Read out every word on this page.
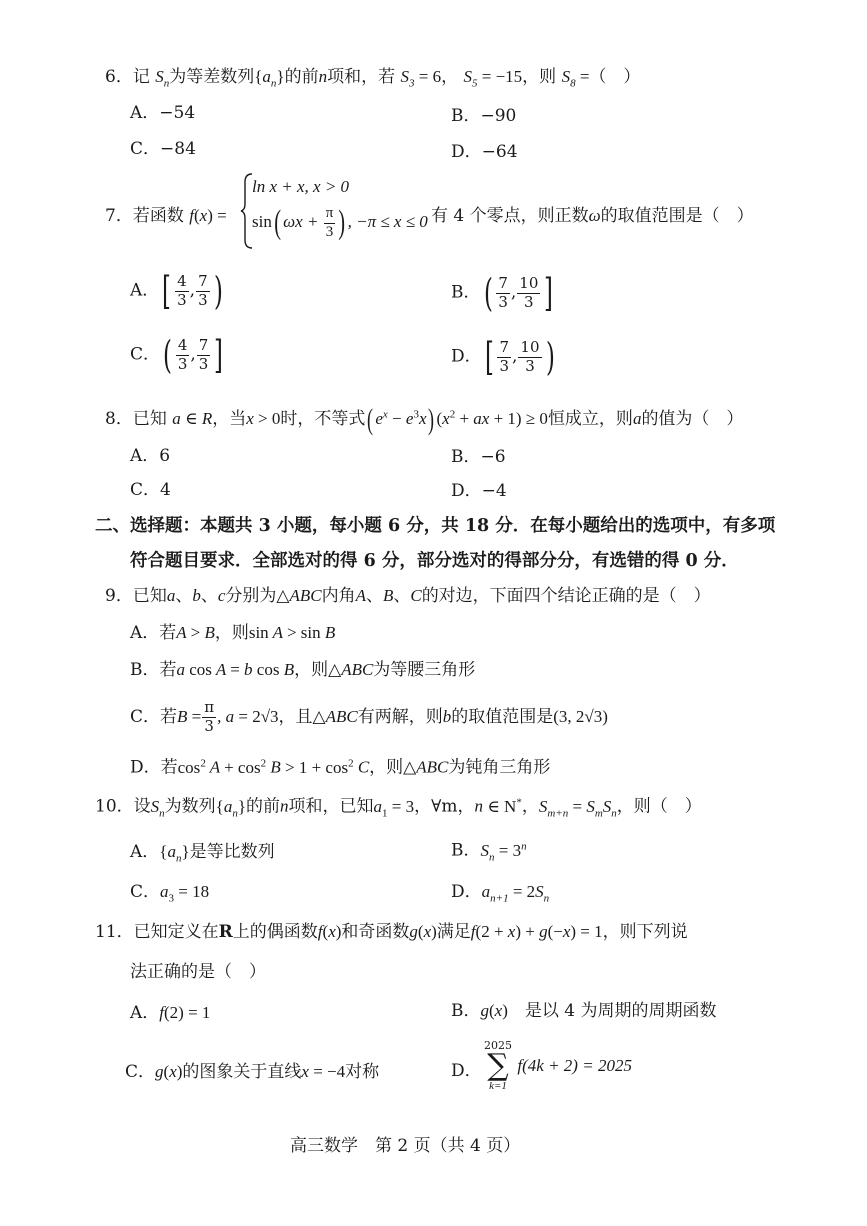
6．记 $S_n$为等差数列$\{a_n\}$的前n项和，若 $S_3 = 6$， $S_5 = -15$，则 $S_8$ =（　）
A．−54	B．−90
C．−84	D．−64
7．若函数 f(x) =
ln x + x, x > 0
sin( $\omega x + \frac{\pi}{3}$ ) , −π ≤ x ≤ 0 有 4 个零点，则正数ω的取值范围是（　）
A．[ $\frac{4}{3}$ , $\frac{7}{3}$ )	B．( $\frac{7}{3}$ , $\frac{10}{3}$ ]
C．( $\frac{4}{3}$ , $\frac{7}{3}$ ]	D．[ $\frac{7}{3}$ , $\frac{10}{3}$ )
8．已知 a ∈ R，当x > 0时，不等式( $e^x - e^3x$) ($x^2$ + ax + 1) ≥ 0恒成立，则a的值为（　）
A．6	B．−6
C．4	D．−4
二、选择题：本题共 3 小题，每小题 6 分，共 18 分．在每小题给出的选项中，有多项
符合题目要求．全部选对的得 6 分，部分选对的得部分分，有选错的得 0 分．
9．已知a、b、c分别为△ABC内角A、B、C的对边，下面四个结论正确的是（　）
A．若A > B，则sin A > sin B
B．若a cos A = b cos B，则△ABC为等腰三角形
C．若$B = \frac{\pi}{3}$ , a = 2√3，且△ABC有两解，则b的取值范围是(3, 2√3)
D．若$\cos^2 A + \cos^2 B > 1 + \cos^2 C$，则△ABC为钝角三角形
10．设$S_n$为数列$\{a_n\}$的前n项和，已知$a_1 = 3$，∀m，n ∈ N*，$S_{m+n} = S_mS_n$，则（　）
A．$\{a_n\}$是等比数列	B．$S_n = 3^n$
C．$a_3 = 18$	D．$a_{n+1} = 2S_n$
11．已知定义在R上的偶函数f(x)和奇函数g(x)满足f(2 + x) + g(−x) = 1，则下列说
法正确的是（　）
A．f(2) = 1	B．g(x)　 是以 4 为周期的周期函数
C．g(x)的图象关于直线x = −4对称	D．
2025
∑
k=1
f(4k + 2) = 2025
高三数学　第 2 页（共 4 页）
